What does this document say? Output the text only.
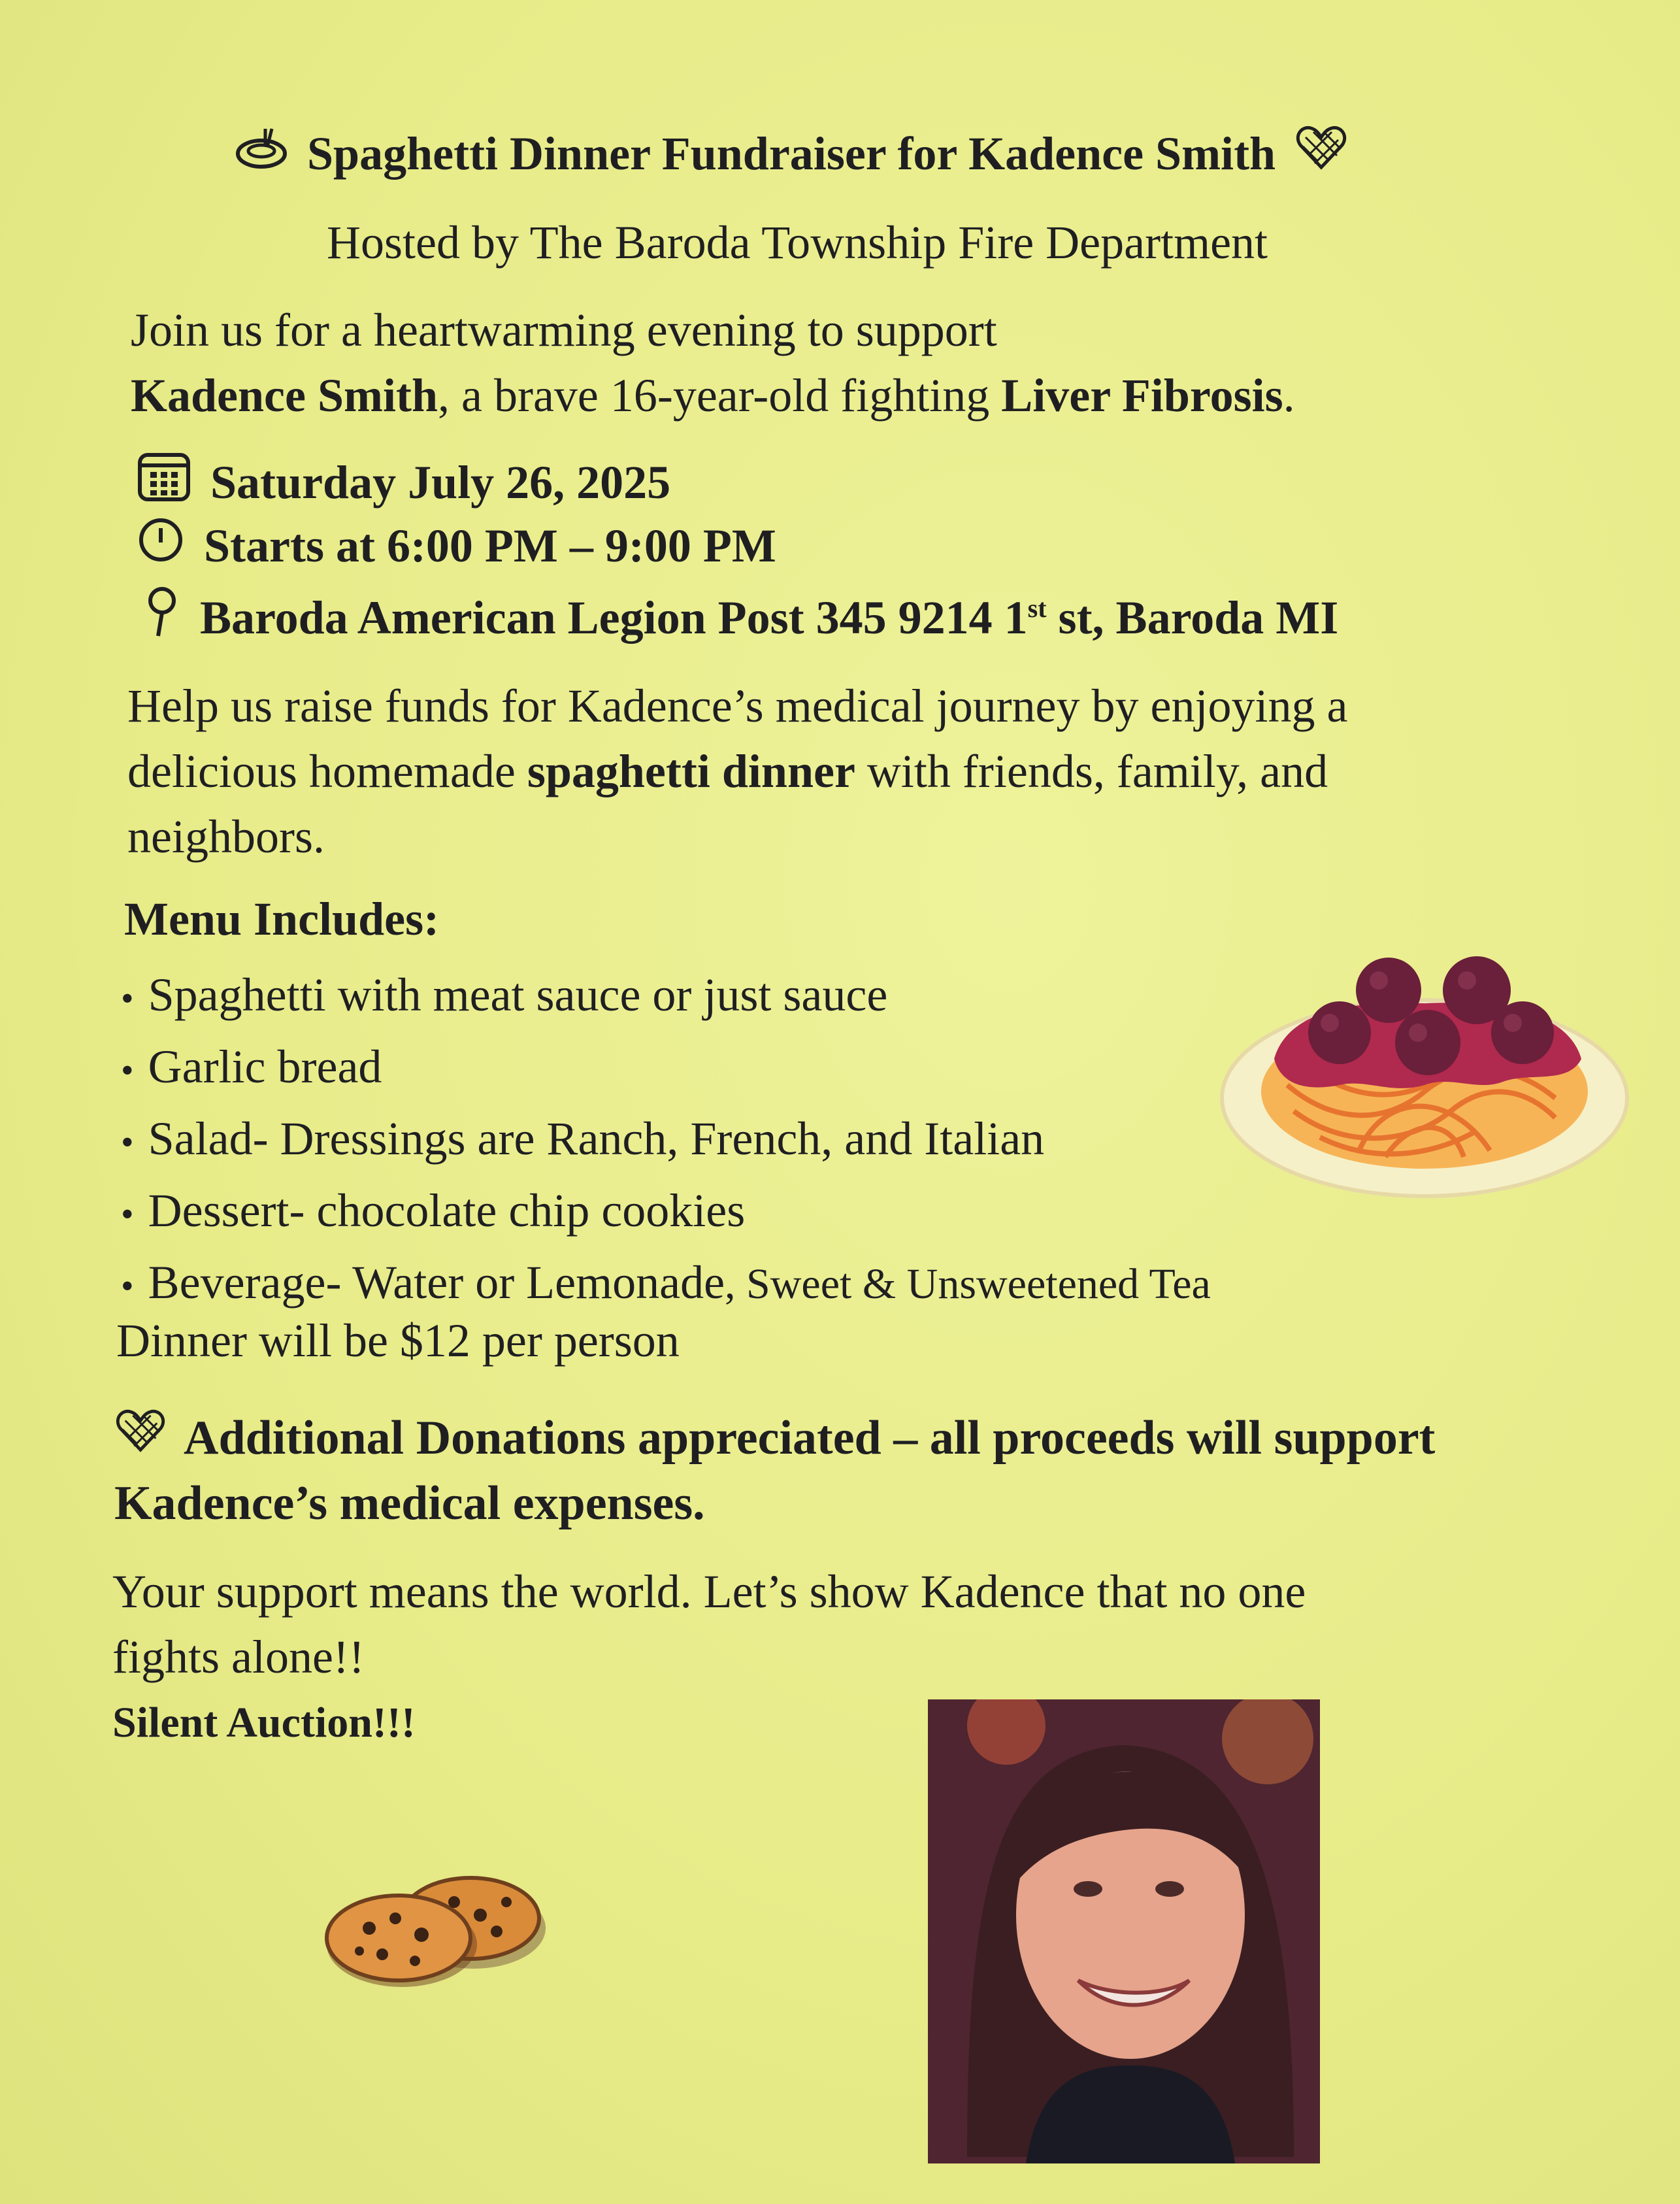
Spaghetti Dinner Fundraiser for Kadence Smith
Hosted by The Baroda Township Fire Department
Join us for a heartwarming evening to support
Kadence Smith, a brave 16-year-old fighting Liver Fibrosis.
Saturday July 26, 2025
Starts at 6:00 PM – 9:00 PM
Baroda American Legion Post 345 9214 1st st, Baroda MI
Help us raise funds for Kadence’s medical journey by enjoying a
delicious homemade spaghetti dinner with friends, family, and
neighbors.
Menu Includes:
• Spaghetti with meat sauce or just sauce
• Garlic bread
• Salad- Dressings are Ranch, French, and Italian
• Dessert- chocolate chip cookies
• Beverage- Water or Lemonade, Sweet & Unsweetened Tea
Dinner will be $12 per person
Additional Donations appreciated – all proceeds will support
Kadence’s medical expenses.
Your support means the world. Let’s show Kadence that no one
fights alone!!
Silent Auction!!!
